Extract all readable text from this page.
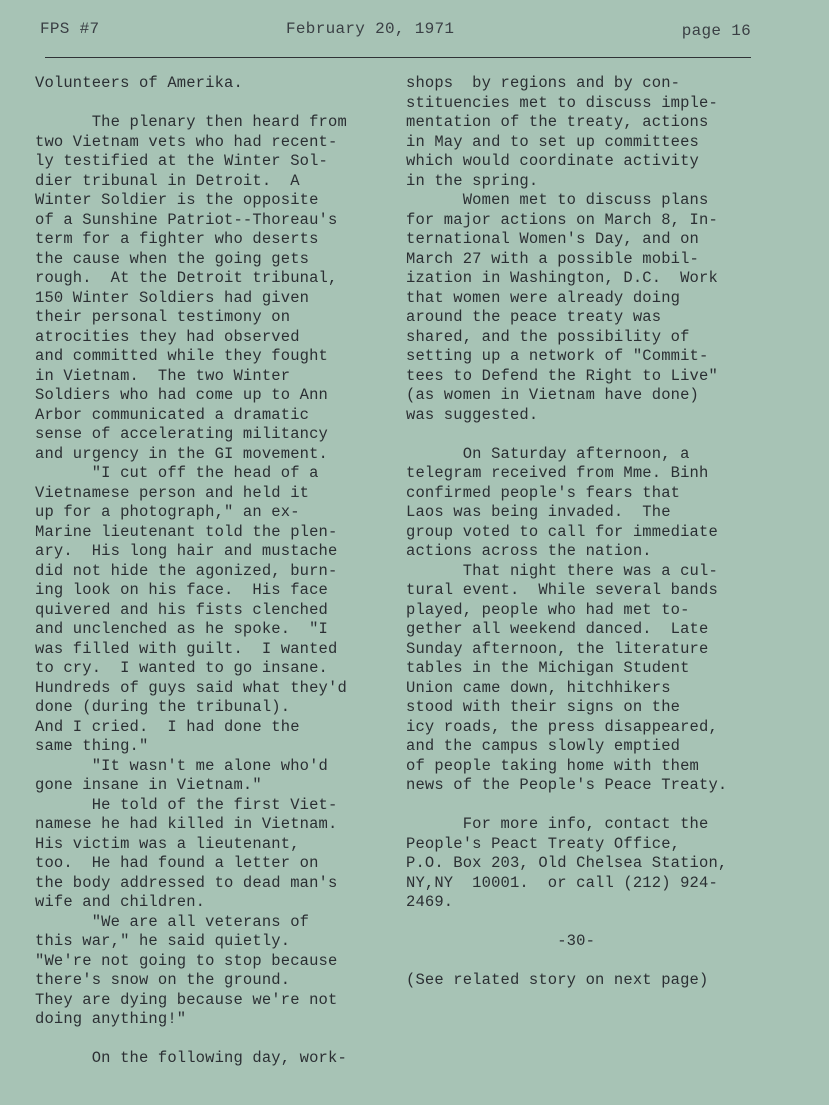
FPS #7	February 20, 1971	page 16
Volunteers of Amerika.
The plenary then heard from
two Vietnam vets who had recent-
ly testified at the Winter Sol-
dier tribunal in Detroit.  A
Winter Soldier is the opposite
of a Sunshine Patriot--Thoreau's
term for a fighter who deserts
the cause when the going gets
rough.  At the Detroit tribunal,
150 Winter Soldiers had given
their personal testimony on
atrocities they had observed
and committed while they fought
in Vietnam.  The two Winter
Soldiers who had come up to Ann
Arbor communicated a dramatic
sense of accelerating militancy
and urgency in the GI movement.
"I cut off the head of a
Vietnamese person and held it
up for a photograph," an ex-
Marine lieutenant told the plen-
ary.  His long hair and mustache
did not hide the agonized, burn-
ing look on his face.  His face
quivered and his fists clenched
and unclenched as he spoke.  "I
was filled with guilt.  I wanted
to cry.  I wanted to go insane.
Hundreds of guys said what they'd
done (during the tribunal).
And I cried.  I had done the
same thing."
"It wasn't me alone who'd
gone insane in Vietnam."
He told of the first Viet-
namese he had killed in Vietnam.
His victim was a lieutenant,
too.  He had found a letter on
the body addressed to dead man's
wife and children.
"We are all veterans of
this war," he said quietly.
"We're not going to stop because
there's snow on the ground.
They are dying because we're not
doing anything!"
On the following day, work-
shops  by regions and by con-
stituencies met to discuss imple-
mentation of the treaty, actions
in May and to set up committees
which would coordinate activity
in the spring.
Women met to discuss plans
for major actions on March 8, In-
ternational Women's Day, and on
March 27 with a possible mobil-
ization in Washington, D.C.  Work
that women were already doing
around the peace treaty was
shared, and the possibility of
setting up a network of "Commit-
tees to Defend the Right to Live"
(as women in Vietnam have done)
was suggested.
On Saturday afternoon, a
telegram received from Mme. Binh
confirmed people's fears that
Laos was being invaded.  The
group voted to call for immediate
actions across the nation.
That night there was a cul-
tural event.  While several bands
played, people who had met to-
gether all weekend danced.  Late
Sunday afternoon, the literature
tables in the Michigan Student
Union came down, hitchhikers
stood with their signs on the
icy roads, the press disappeared,
and the campus slowly emptied
of people taking home with them
news of the People's Peace Treaty.
For more info, contact the
People's Peact Treaty Office,
P.O. Box 203, Old Chelsea Station,
NY,NY  10001.  or call (212) 924-
2469.
-30-
(See related story on next page)
